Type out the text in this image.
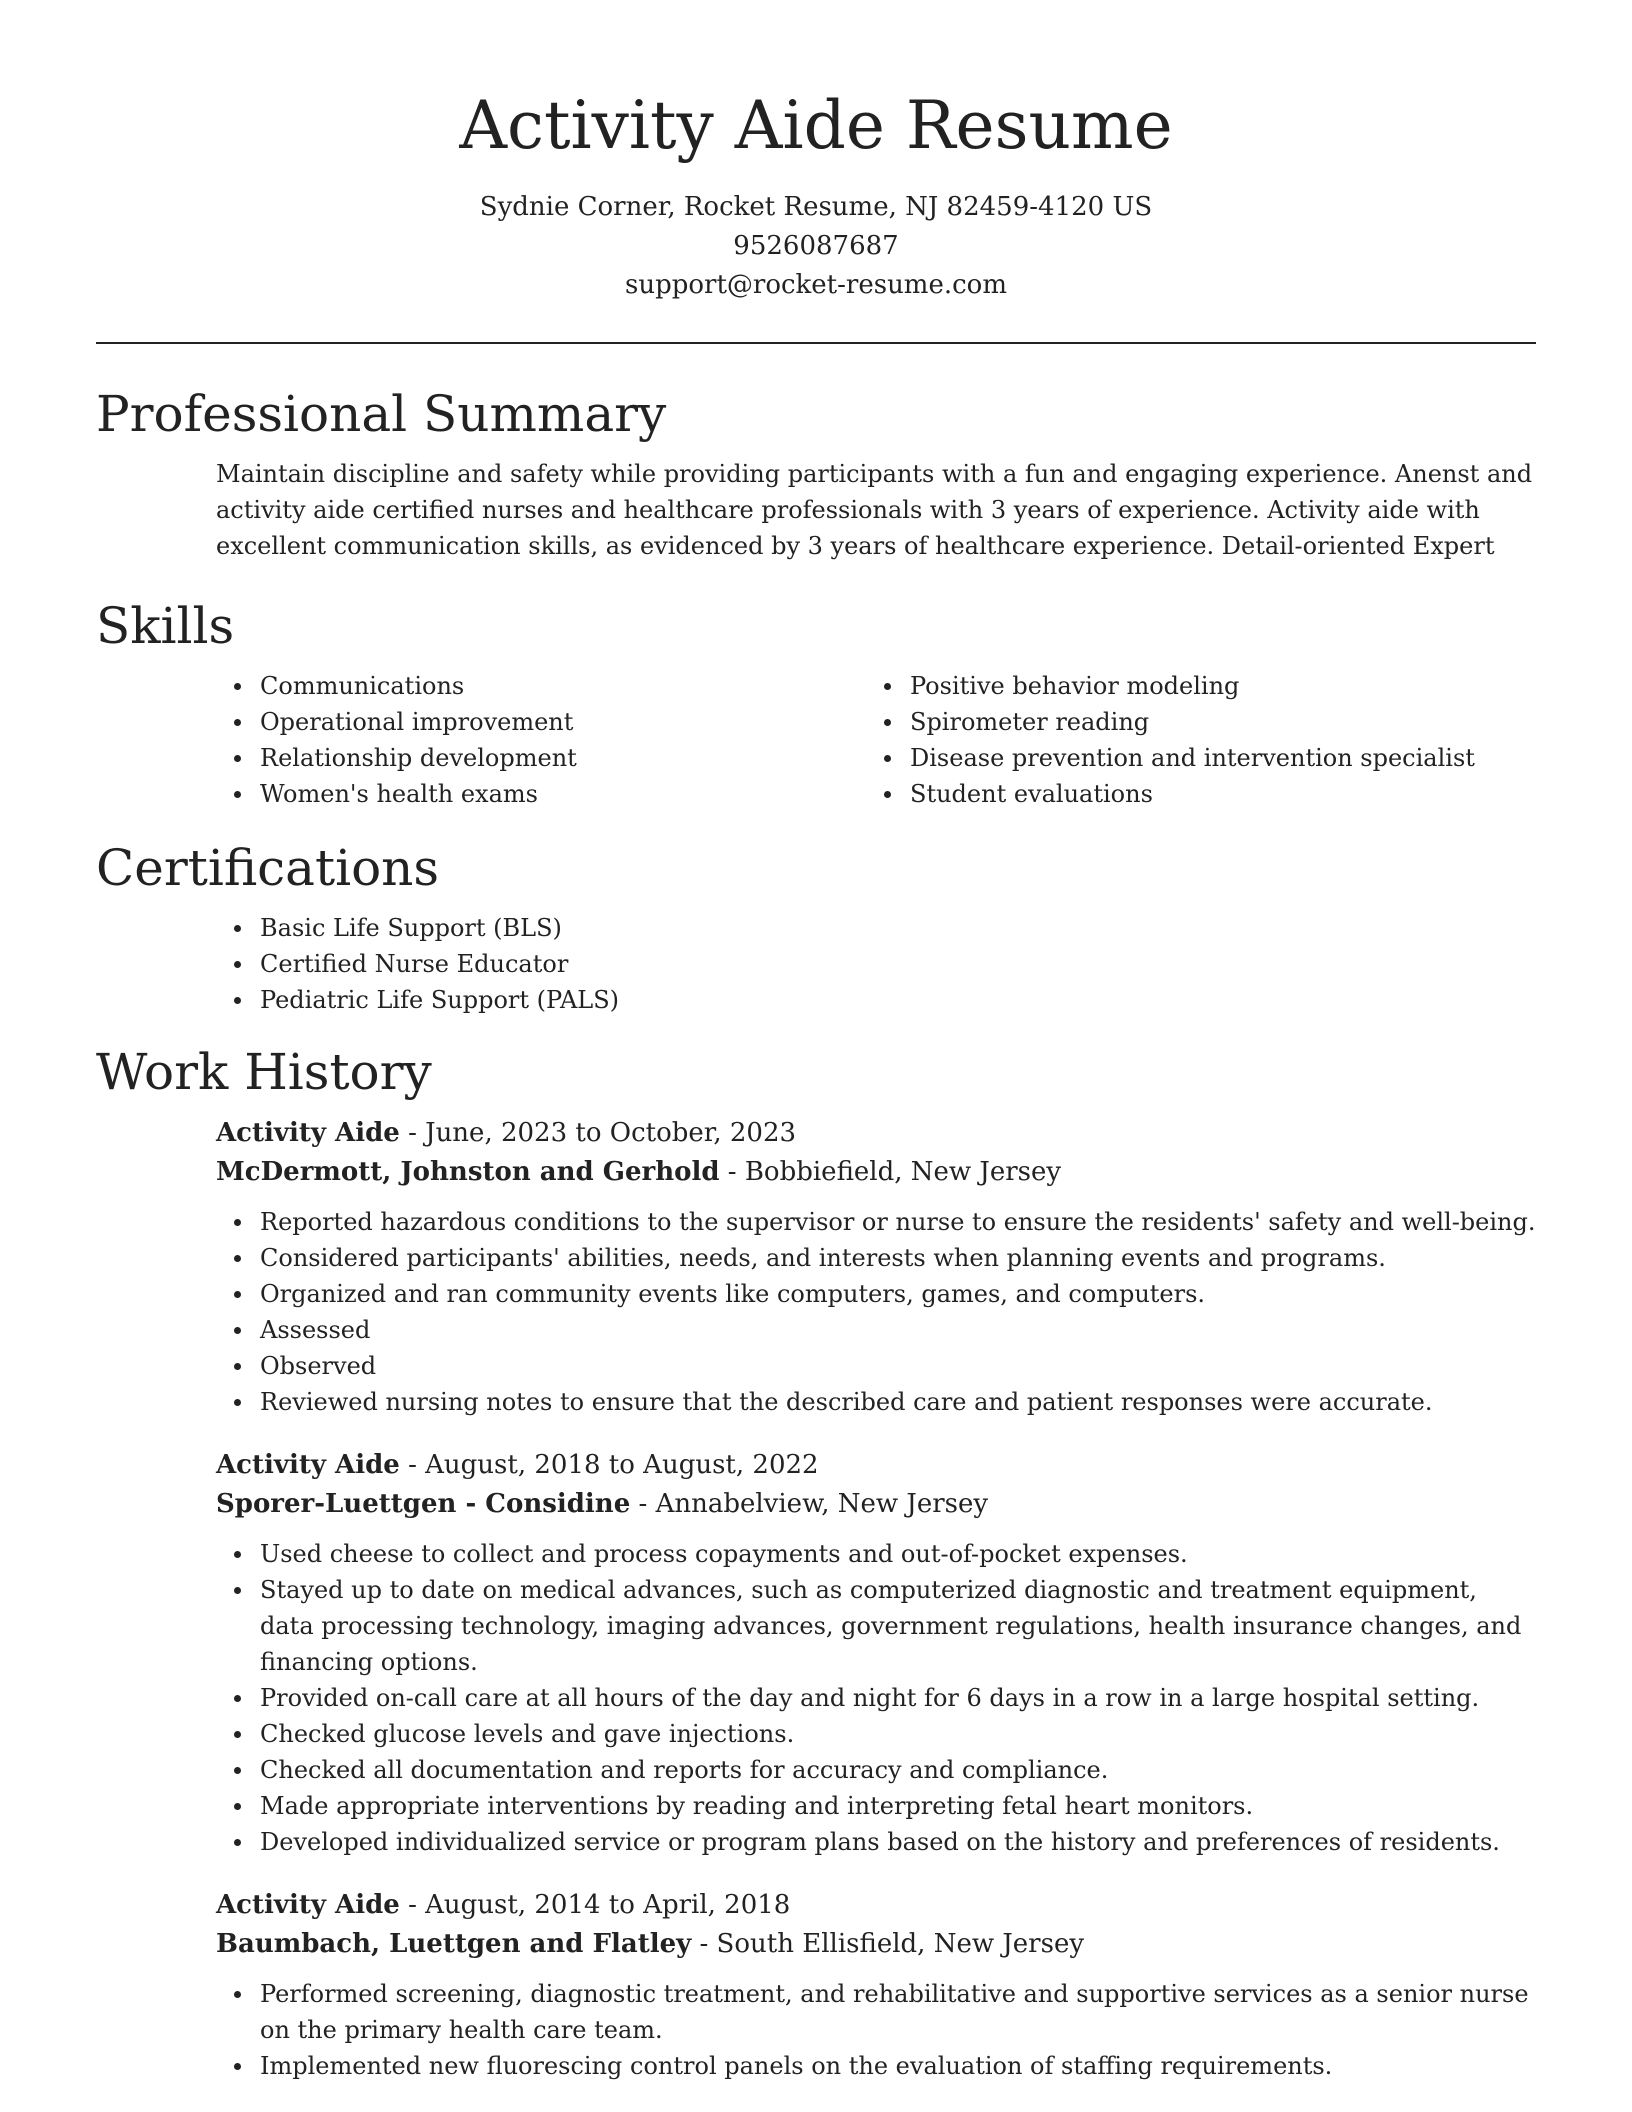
Activity Aide Resume
Sydnie Corner, Rocket Resume, NJ 82459-4120 US
9526087687
support@rocket-resume.com
Professional Summary

Maintain discipline and safety while providing participants with a fun and engaging experience. Anenst and activity aide certified nurses and healthcare professionals with 3 years of experience. Activity aide with excellent communication skills, as evidenced by 3 years of healthcare experience. Detail-oriented Expert

Skills
Communications
Operational improvement
Relationship development
Women's health exams
Positive behavior modeling
Spirometer reading
Disease prevention and intervention specialist
Student evaluations
Certifications
Basic Life Support (BLS)
Certified Nurse Educator
Pediatric Life Support (PALS)
Work History
Activity Aide - June, 2023 to October, 2023
McDermott, Johnston and Gerhold - Bobbiefield, New Jersey
Reported hazardous conditions to the supervisor or nurse to ensure the residents' safety and well-being.
Considered participants' abilities, needs, and interests when planning events and programs.
Organized and ran community events like computers, games, and computers.
Assessed
Observed
Reviewed nursing notes to ensure that the described care and patient responses were accurate.
Activity Aide - August, 2018 to August, 2022
Sporer-Luettgen - Considine - Annabelview, New Jersey
Used cheese to collect and process copayments and out-of-pocket expenses.
Stayed up to date on medical advances, such as computerized diagnostic and treatment equipment, data processing technology, imaging advances, government regulations, health insurance changes, and financing options.
Provided on-call care at all hours of the day and night for 6 days in a row in a large hospital setting.
Checked glucose levels and gave injections.
Checked all documentation and reports for accuracy and compliance.
Made appropriate interventions by reading and interpreting fetal heart monitors.
Developed individualized service or program plans based on the history and preferences of residents.
Activity Aide - August, 2014 to April, 2018
Baumbach, Luettgen and Flatley - South Ellisfield, New Jersey
Performed screening, diagnostic treatment, and rehabilitative and supportive services as a senior nurse on the primary health care team.
Implemented new fluorescing control panels on the evaluation of staffing requirements.
